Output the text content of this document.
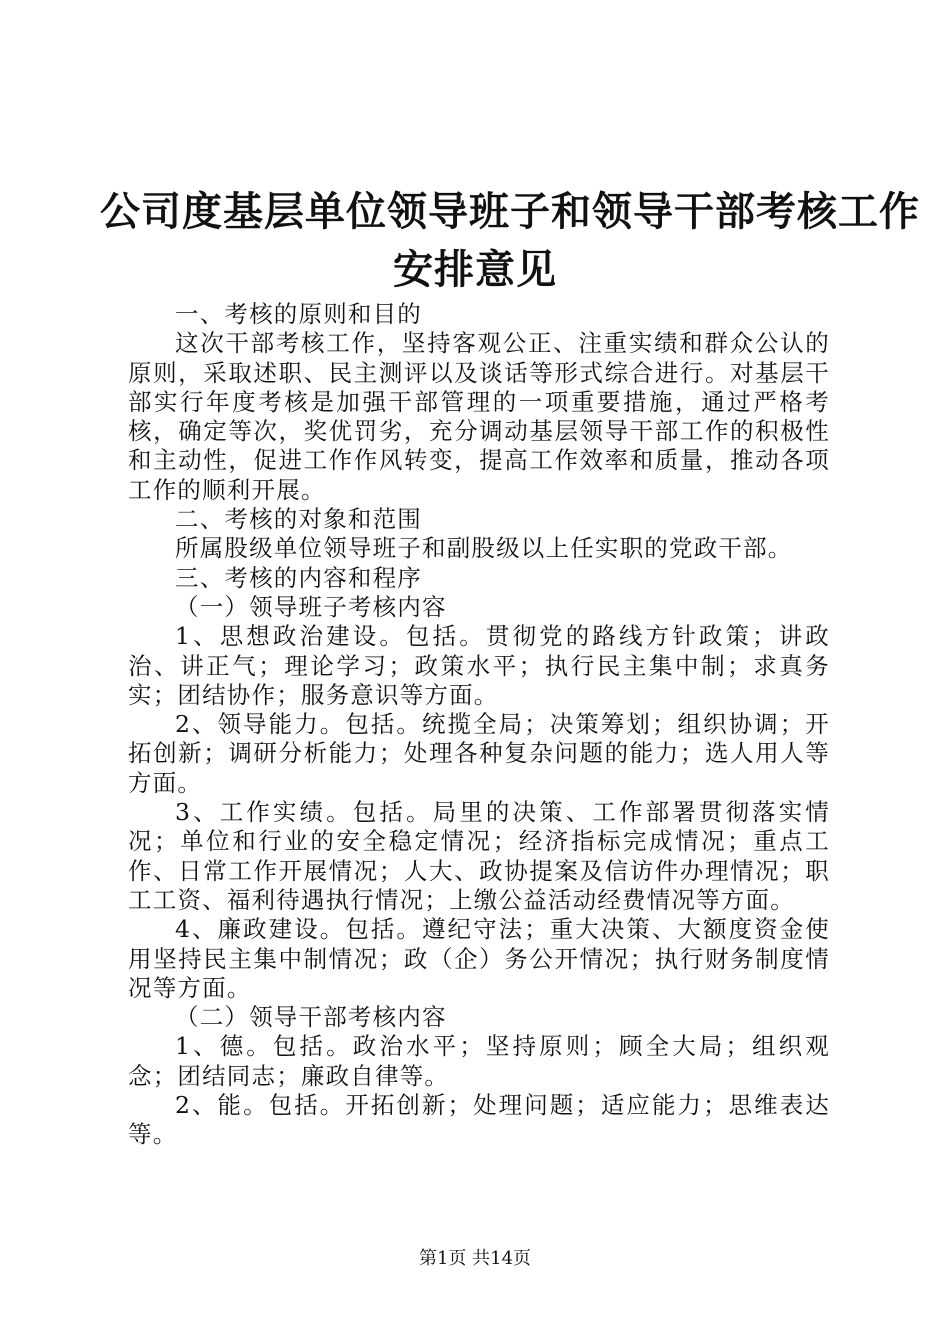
公司度基层单位领导班子和领导干部考核工作
安排意见

一、考核的原则和目的

这次干部考核工作，坚持客观公正、注重实绩和群众公认的原则，采取述职、民主测评以及谈话等形式综合进行。对基层干部实行年度考核是加强干部管理的一项重要措施，通过严格考核，确定等次，奖优罚劣，充分调动基层领导干部工作的积极性和主动性，促进工作作风转变，提高工作效率和质量，推动各项工作的顺利开展。

二、考核的对象和范围

所属股级单位领导班子和副股级以上任实职的党政干部。

三、考核的内容和程序

（一）领导班子考核内容

1、思想政治建设。包括。贯彻党的路线方针政策；讲政治、讲正气；理论学习；政策水平；执行民主集中制；求真务实；团结协作；服务意识等方面。

2、领导能力。包括。统揽全局；决策筹划；组织协调；开拓创新；调研分析能力；处理各种复杂问题的能力；选人用人等方面。

3、工作实绩。包括。局里的决策、工作部署贯彻落实情况；单位和行业的安全稳定情况；经济指标完成情况；重点工作、日常工作开展情况；人大、政协提案及信访件办理情况；职工工资、福利待遇执行情况；上缴公益活动经费情况等方面。

4、廉政建设。包括。遵纪守法；重大决策、大额度资金使用坚持民主集中制情况；政（企）务公开情况；执行财务制度情况等方面。

（二）领导干部考核内容

1、德。包括。政治水平；坚持原则；顾全大局；组织观念；团结同志；廉政自律等。

2、能。包括。开拓创新；处理问题；适应能力；思维表达等。

第1页 共14页
